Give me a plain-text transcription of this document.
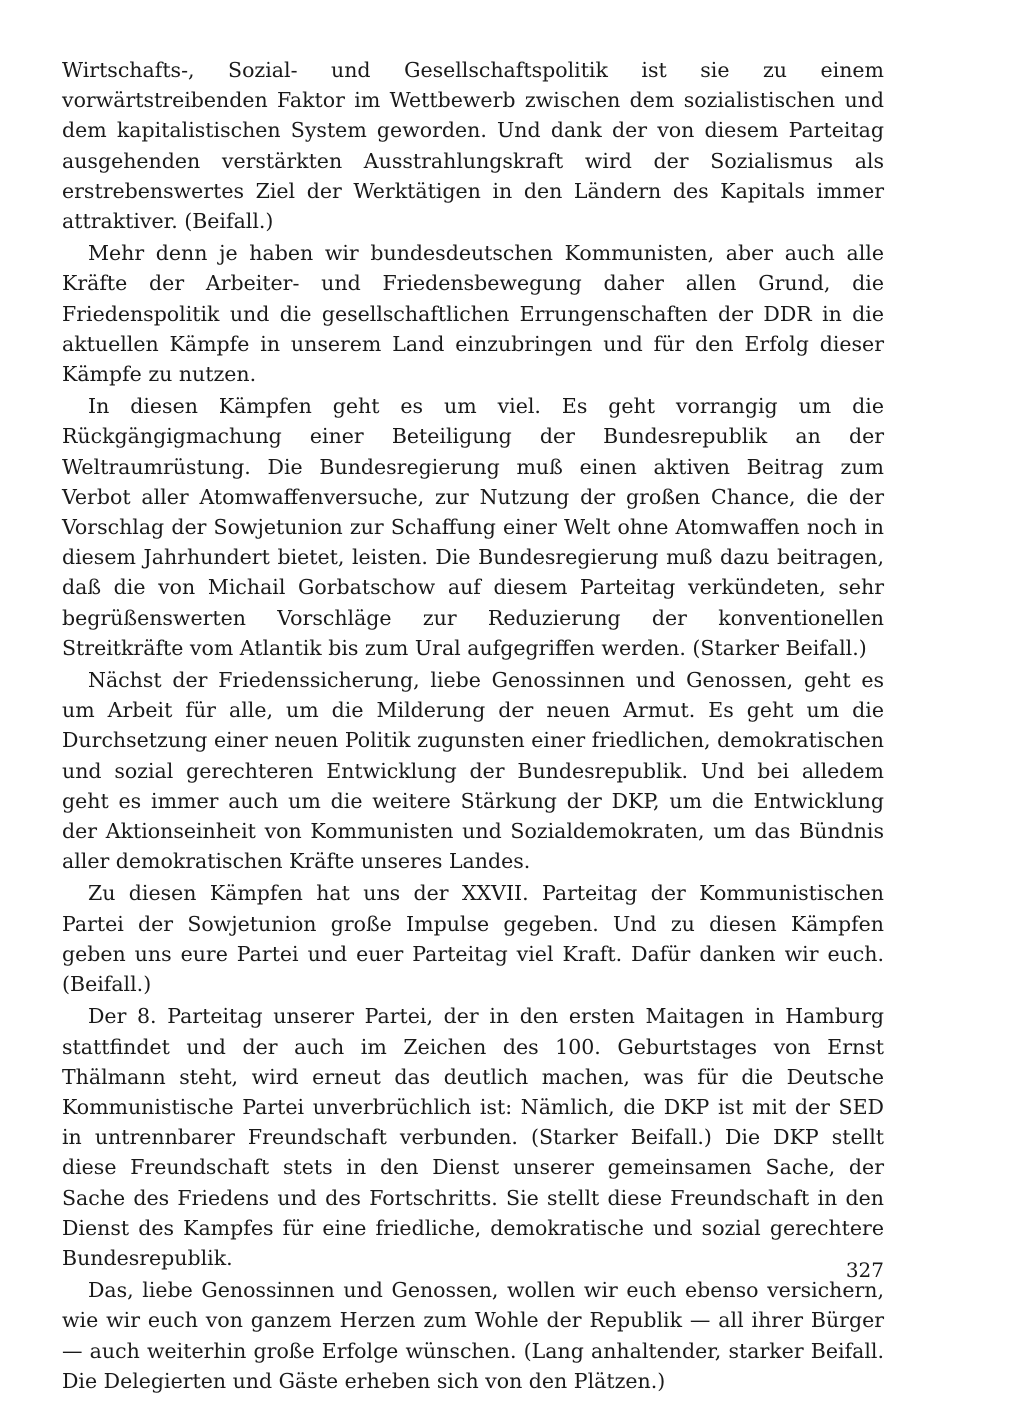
Wirtschafts-, Sozial- und Gesellschaftspolitik ist sie zu einem vorwärtstreibenden Faktor im Wettbewerb zwischen dem sozialistischen und dem kapitalistischen System geworden. Und dank der von diesem Parteitag ausgehenden verstärkten Ausstrahlungskraft wird der Sozialismus als erstrebenswertes Ziel der Werktätigen in den Ländern des Kapitals immer attraktiver. (Beifall.)

Mehr denn je haben wir bundesdeutschen Kommunisten, aber auch alle Kräfte der Arbeiter- und Friedensbewegung daher allen Grund, die Friedenspolitik und die gesellschaftlichen Errungenschaften der DDR in die aktuellen Kämpfe in unserem Land einzubringen und für den Erfolg dieser Kämpfe zu nutzen.

In diesen Kämpfen geht es um viel. Es geht vorrangig um die Rückgängigmachung einer Beteiligung der Bundesrepublik an der Weltraumrüstung. Die Bundesregierung muß einen aktiven Beitrag zum Verbot aller Atomwaffenversuche, zur Nutzung der großen Chance, die der Vorschlag der Sowjetunion zur Schaffung einer Welt ohne Atomwaffen noch in diesem Jahrhundert bietet, leisten. Die Bundesregierung muß dazu beitragen, daß die von Michail Gorbatschow auf diesem Parteitag verkündeten, sehr begrüßenswerten Vorschläge zur Reduzierung der konventionellen Streitkräfte vom Atlantik bis zum Ural aufgegriffen werden. (Starker Beifall.)

Nächst der Friedenssicherung, liebe Genossinnen und Genossen, geht es um Arbeit für alle, um die Milderung der neuen Armut. Es geht um die Durchsetzung einer neuen Politik zugunsten einer friedlichen, demokratischen und sozial gerechteren Entwicklung der Bundesrepublik. Und bei alledem geht es immer auch um die weitere Stärkung der DKP, um die Entwicklung der Aktionseinheit von Kommunisten und Sozialdemokraten, um das Bündnis aller demokratischen Kräfte unseres Landes.

Zu diesen Kämpfen hat uns der XXVII. Parteitag der Kommunistischen Partei der Sowjetunion große Impulse gegeben. Und zu diesen Kämpfen geben uns eure Partei und euer Parteitag viel Kraft. Dafür danken wir euch. (Beifall.)

Der 8. Parteitag unserer Partei, der in den ersten Maitagen in Hamburg stattfindet und der auch im Zeichen des 100. Geburtstages von Ernst Thälmann steht, wird erneut das deutlich machen, was für die Deutsche Kommunistische Partei unverbrüchlich ist: Nämlich, die DKP ist mit der SED in untrennbarer Freundschaft verbunden. (Starker Beifall.) Die DKP stellt diese Freundschaft stets in den Dienst unserer gemeinsamen Sache, der Sache des Friedens und des Fortschritts. Sie stellt diese Freundschaft in den Dienst des Kampfes für eine friedliche, demokratische und sozial gerechtere Bundesrepublik.

Das, liebe Genossinnen und Genossen, wollen wir euch ebenso versichern, wie wir euch von ganzem Herzen zum Wohle der Republik — all ihrer Bürger — auch weiterhin große Erfolge wünschen. (Lang anhaltender, starker Beifall. Die Delegierten und Gäste erheben sich von den Plätzen.)

327
